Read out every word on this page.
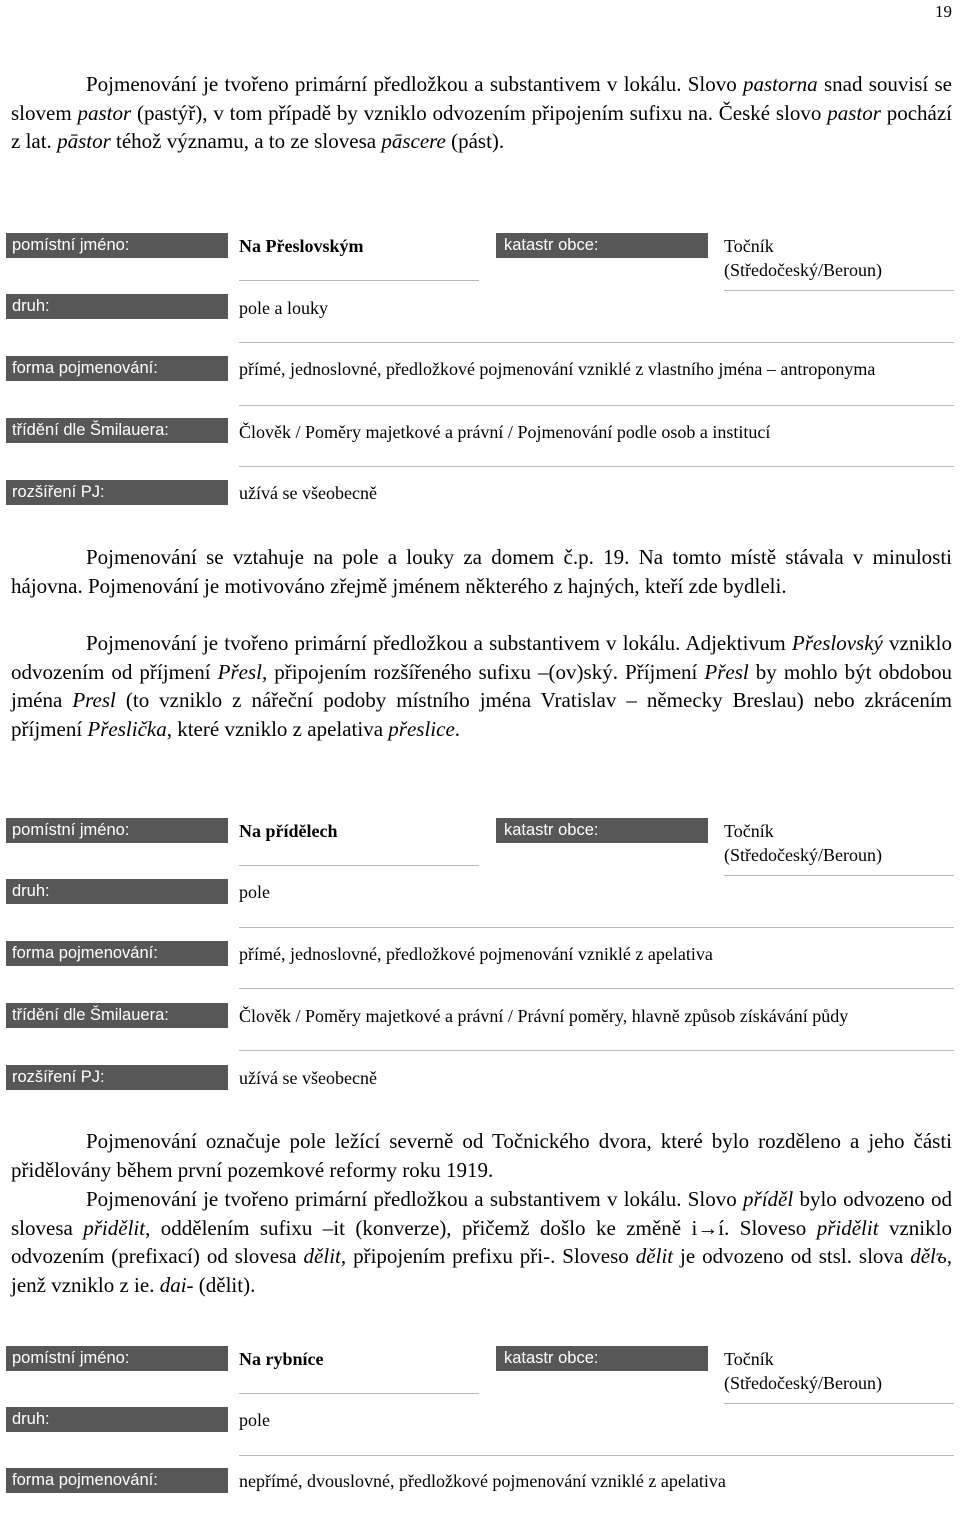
19

Pojmenování je tvořeno primární předložkou a substantivem v lokálu. Slovo pastorna snad souvisí se slovem pastor (pastýř), v tom případě by vzniklo odvozením připojením sufixu na. České slovo pastor pochází z lat. pāstor téhož významu, a to ze slovesa pāscere (pást).

pomístní jméno:	Na Přeslovským	katastr obce:	Točník
(Středočeský/Beroun)
druh:	pole a louky
forma pojmenování:	přímé, jednoslovné, předložkové pojmenování vzniklé z vlastního jména – antroponyma
třídění dle Šmilauera:	Člověk / Poměry majetkové a právní / Pojmenování podle osob a institucí
rozšíření PJ:	užívá se všeobecně

Pojmenování se vztahuje na pole a louky za domem č.p. 19. Na tomto místě stávala v minulosti hájovna. Pojmenování je motivováno zřejmě jménem některého z hajných, kteří zde bydleli.

Pojmenování je tvořeno primární předložkou a substantivem v lokálu. Adjektivum Přeslovský vzniklo odvozením od příjmení Přesl, připojením rozšířeného sufixu –(ov)ský. Příjmení Přesl by mohlo být obdobou jména Presl (to vzniklo z nářeční podoby místního jména Vratislav – německy Breslau) nebo zkrácením příjmení Přeslička, které vzniklo z apelativa přeslice.

pomístní jméno:	Na přídělech	katastr obce:	Točník
(Středočeský/Beroun)
druh:	pole
forma pojmenování:	přímé, jednoslovné, předložkové pojmenování vzniklé z apelativa
třídění dle Šmilauera:	Člověk / Poměry majetkové a právní / Právní poměry, hlavně způsob získávání půdy
rozšíření PJ:	užívá se všeobecně

Pojmenování označuje pole ležící severně od Točnického dvora, které bylo rozděleno a jeho části přidělovány během první pozemkové reformy roku 1919.

Pojmenování je tvořeno primární předložkou a substantivem v lokálu. Slovo příděl bylo odvozeno od slovesa přidělit, oddělením sufixu –it (konverze), přičemž došlo ke změně i→í. Sloveso přidělit vzniklo odvozením (prefixací) od slovesa dělit, připojením prefixu při-. Sloveso dělit je odvozeno od stsl. slova dělъ, jenž vzniklo z ie. dai- (dělit).

pomístní jméno:	Na rybníce	katastr obce:	Točník
(Středočeský/Beroun)
druh:	pole
forma pojmenování:	nepřímé, dvouslovné, předložkové pojmenování vzniklé z apelativa
